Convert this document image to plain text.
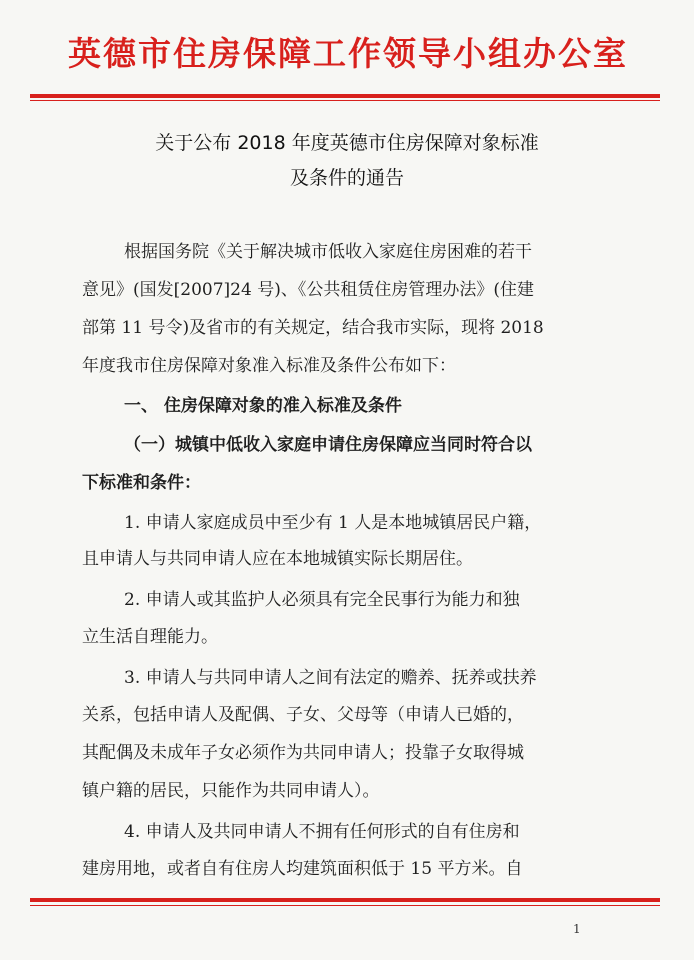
英德市住房保障工作领导小组办公室
关于公布 2018 年度英德市住房保障对象标准
及条件的通告
根据国务院《关于解决城市低收入家庭住房困难的若干
意见》(国发[2007]24 号)、《公共租赁住房管理办法》(住建
部第 11 号令)及省市的有关规定，结合我市实际，现将 2018
年度我市住房保障对象准入标准及条件公布如下：
一、 住房保障对象的准入标准及条件
（一）城镇中低收入家庭申请住房保障应当同时符合以
下标准和条件：
1. 申请人家庭成员中至少有 1 人是本地城镇居民户籍，
且申请人与共同申请人应在本地城镇实际长期居住。
2. 申请人或其监护人必须具有完全民事行为能力和独
立生活自理能力。
3. 申请人与共同申请人之间有法定的赡养、抚养或扶养
关系，包括申请人及配偶、子女、父母等（申请人已婚的，
其配偶及未成年子女必须作为共同申请人；投靠子女取得城
镇户籍的居民，只能作为共同申请人）。
4. 申请人及共同申请人不拥有任何形式的自有住房和
建房用地，或者自有住房人均建筑面积低于 15 平方米。自
1
